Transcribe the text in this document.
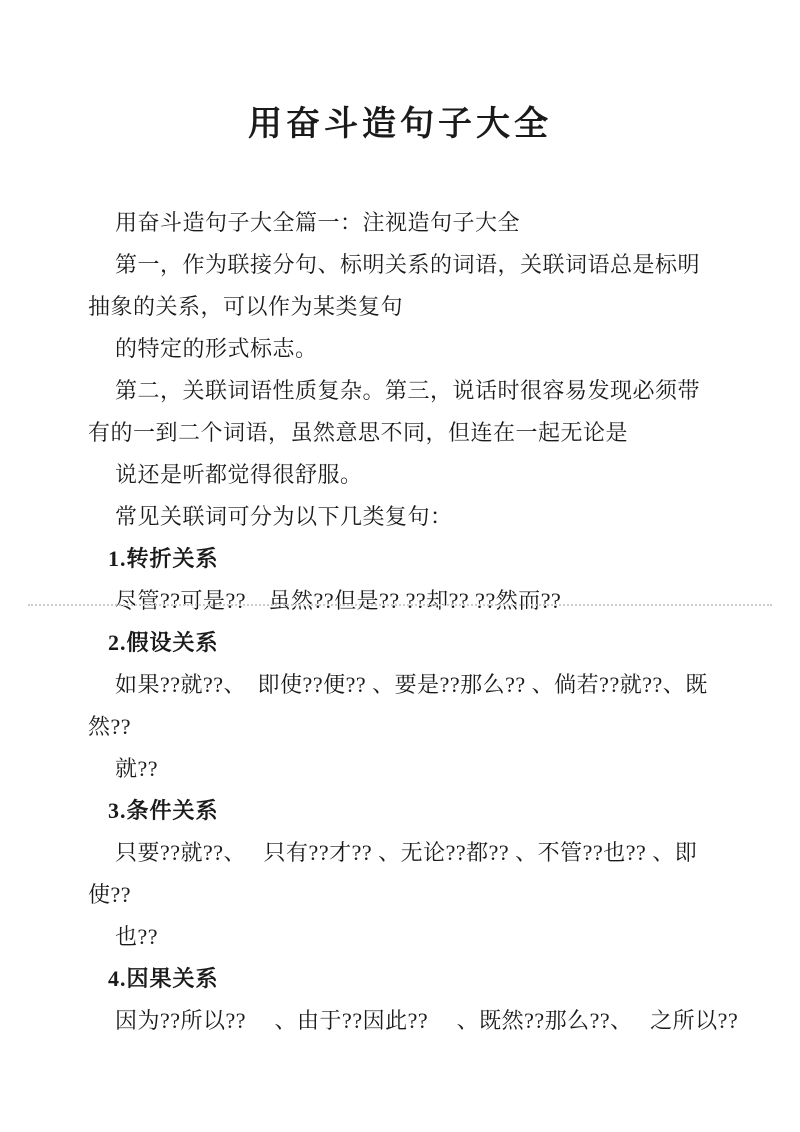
用奋斗造句子大全
用奋斗造句子大全篇一：注视造句子大全
第一，作为联接分句、标明关系的词语，关联词语总是标明
抽象的关系，可以作为某类复句
的特定的形式标志。
第二，关联词语性质复杂。第三，说话时很容易发现必须带
有的一到二个词语，虽然意思不同，但连在一起无论是
说还是听都觉得很舒服。
常见关联词可分为以下几类复句：
1.转折关系
尽管??可是??　虽然??但是?? ??却?? ??然而??
2.假设关系
如果??就??、　即使??便?? 、要是??那么?? 、倘若??就??、既
然??
就??
3.条件关系
只要??就??、　 只有??才?? 、无论??都?? 、不管??也?? 、即
使??
也??
4.因果关系
因为??所以??　 、由于??因此??　 、既然??那么??、　 之所以??
